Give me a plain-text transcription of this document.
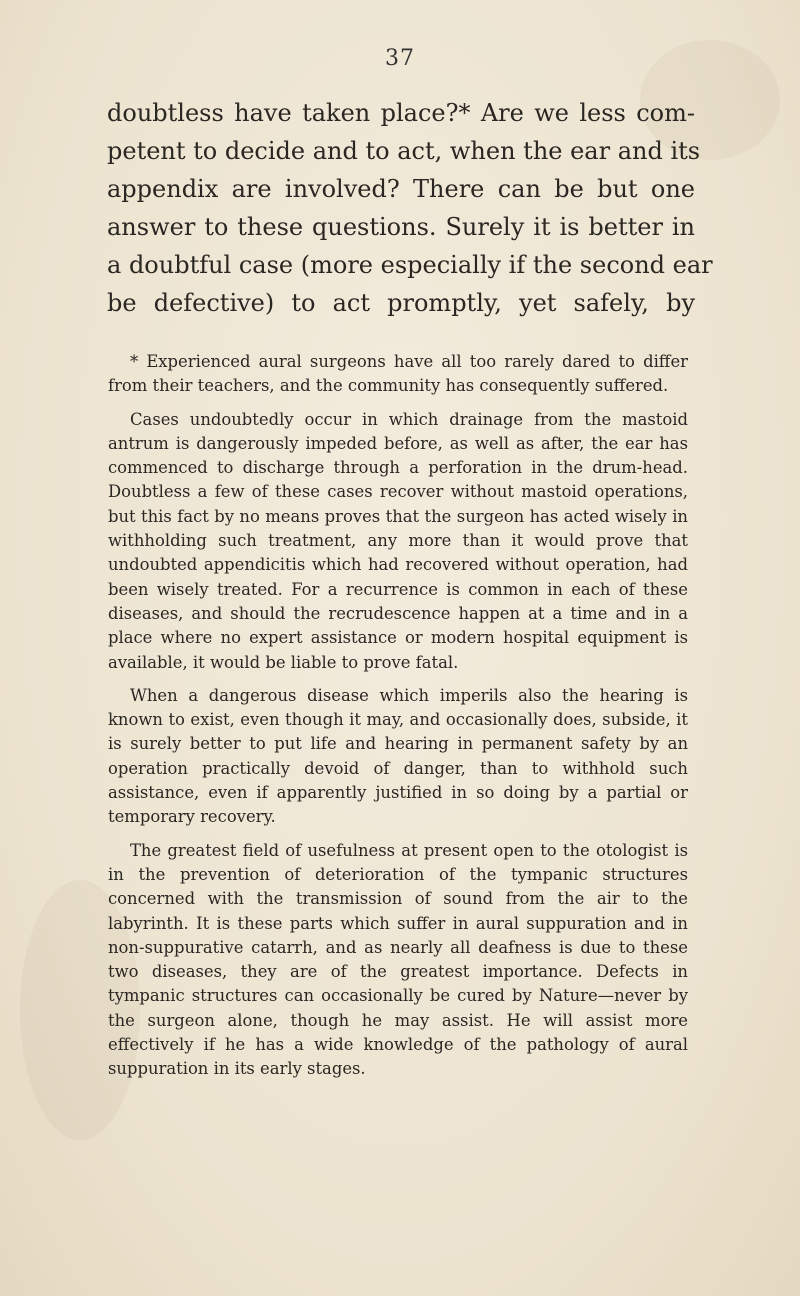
37
doubtless have taken place?* Are we less com-
petent to decide and to act, when the ear and its
appendix are involved? There can be but one
answer to these questions. Surely it is better in
a doubtful case (more especially if the second ear
be defective) to act promptly, yet safely, by

* Experienced aural surgeons have all too rarely dared to differ from their teachers, and the community has consequently suffered.

Cases undoubtedly occur in which drainage from the mastoid antrum is dangerously impeded before, as well as after, the ear has commenced to discharge through a perforation in the drum-head. Doubtless a few of these cases recover without mastoid operations, but this fact by no means proves that the surgeon has acted wisely in withholding such treatment, any more than it would prove that undoubted appendicitis which had recovered without operation, had been wisely treated. For a recurrence is common in each of these diseases, and should the recrudescence happen at a time and in a place where no expert assistance or modern hospital equipment is available, it would be liable to prove fatal.

When a dangerous disease which imperils also the hearing is known to exist, even though it may, and occasionally does, subside, it is surely better to put life and hearing in permanent safety by an operation practically devoid of danger, than to withhold such assistance, even if apparently justified in so doing by a partial or temporary recovery.

The greatest field of usefulness at present open to the otologist is in the prevention of deterioration of the tympanic structures concerned with the transmission of sound from the air to the labyrinth. It is these parts which suffer in aural suppuration and in non-suppurative catarrh, and as nearly all deafness is due to these two diseases, they are of the greatest importance. Defects in tympanic structures can occasionally be cured by Nature—never by the surgeon alone, though he may assist. He will assist more effectively if he has a wide knowledge of the pathology of aural suppuration in its early stages.
